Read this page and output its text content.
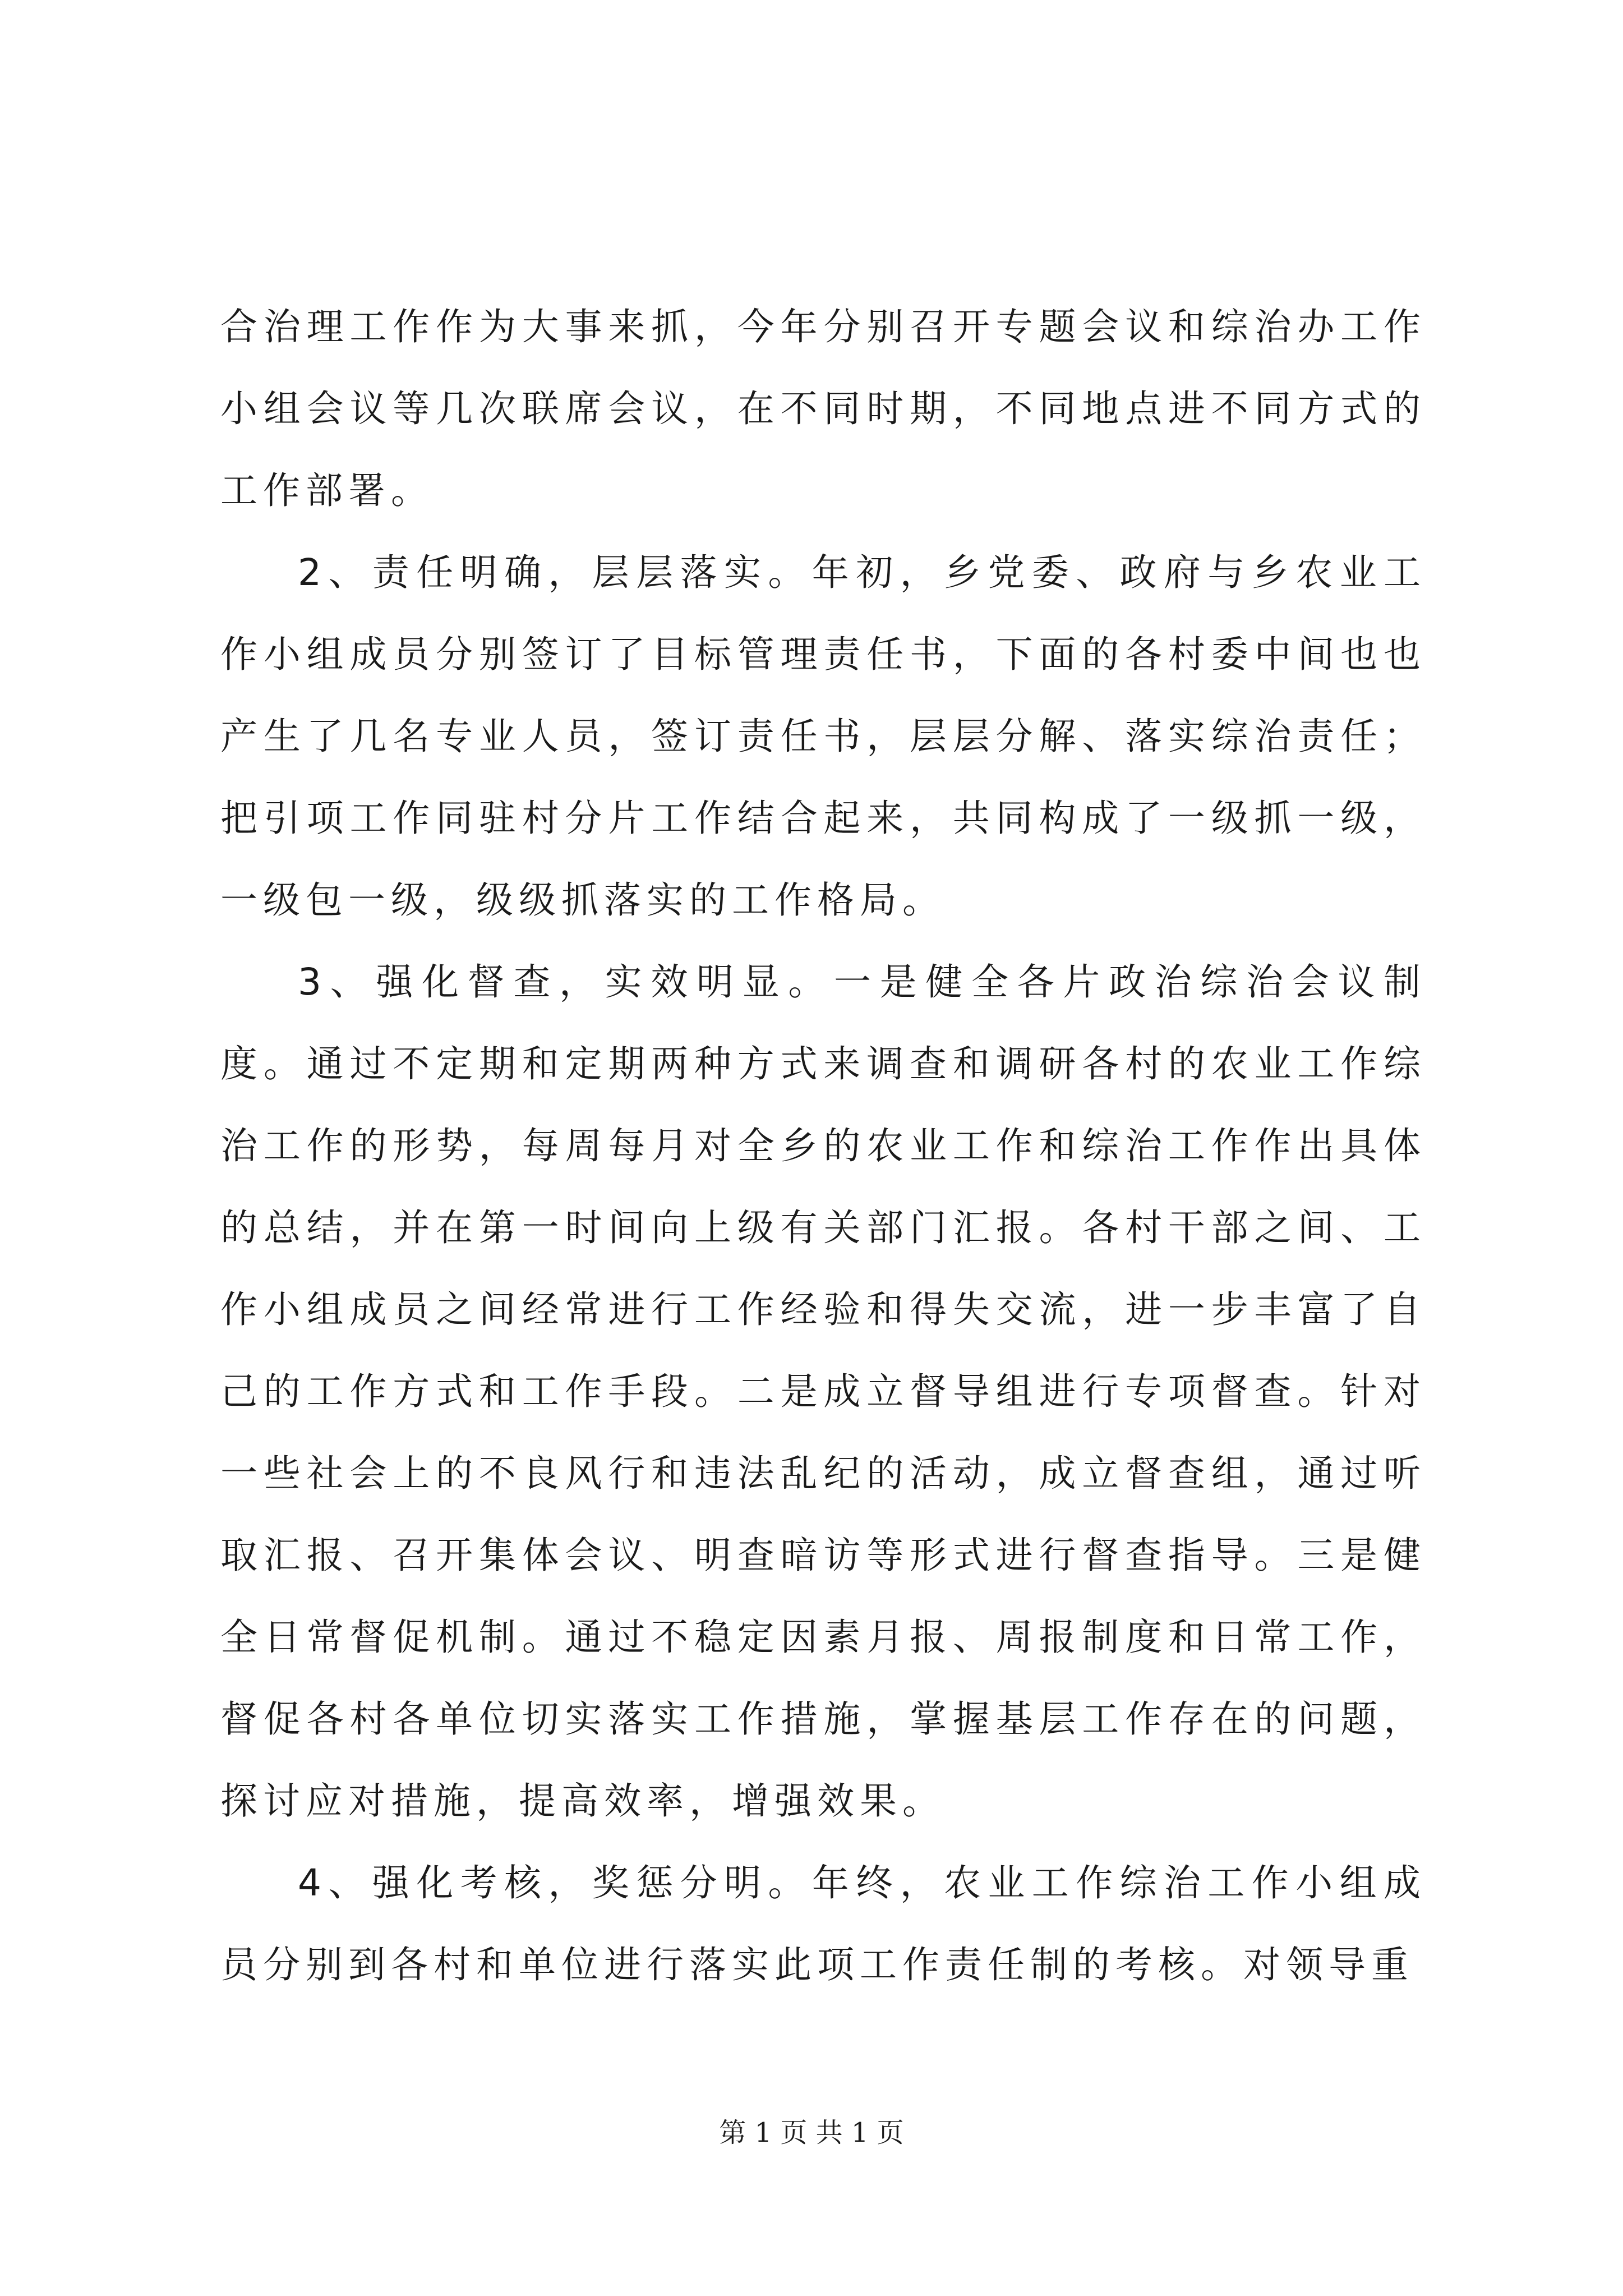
合治理工作作为大事来抓，今年分别召开专题会议和综治办工作小组会议等几次联席会议，在不同时期，不同地点进不同方式的工作部署。

2、责任明确，层层落实。年初，乡党委、政府与乡农业工作小组成员分别签订了目标管理责任书，下面的各村委中间也也产生了几名专业人员，签订责任书，层层分解、落实综治责任；把引项工作同驻村分片工作结合起来，共同构成了一级抓一级，一级包一级，级级抓落实的工作格局。

3、强化督查，实效明显。一是健全各片政治综治会议制度。通过不定期和定期两种方式来调查和调研各村的农业工作综治工作的形势，每周每月对全乡的农业工作和综治工作作出具体的总结，并在第一时间向上级有关部门汇报。各村干部之间、工作小组成员之间经常进行工作经验和得失交流，进一步丰富了自己的工作方式和工作手段。二是成立督导组进行专项督查。针对一些社会上的不良风行和违法乱纪的活动，成立督查组，通过听取汇报、召开集体会议、明查暗访等形式进行督查指导。三是健全日常督促机制。通过不稳定因素月报、周报制度和日常工作，督促各村各单位切实落实工作措施，掌握基层工作存在的问题，探讨应对措施，提高效率，增强效果。

4、强化考核，奖惩分明。年终，农业工作综治工作小组成员分别到各村和单位进行落实此项工作责任制的考核。对领导重

第 1 页 共 1 页
